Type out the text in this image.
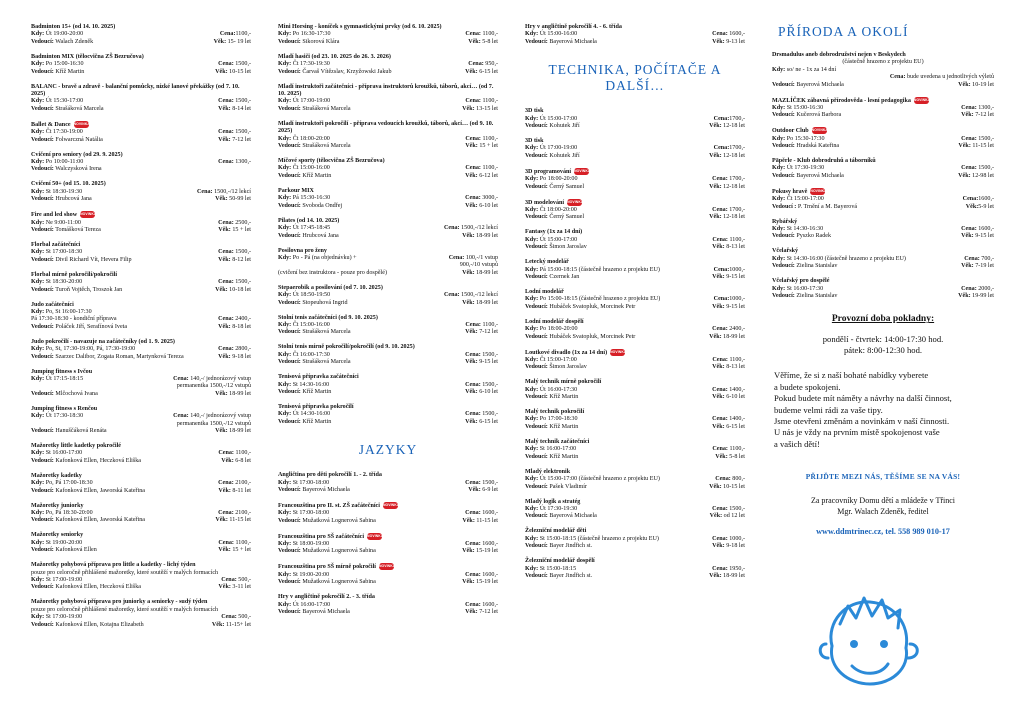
Badminton 15+ (od 14. 10. 2025)
Kdy: Út 19:00-20:00	Cena:1100,-
Vedoucí: Walach Zdeněk	Věk: 15- 19 let
Badminton MIX (tělocvična ZŠ Bezručova)
Kdy: Po 15:00-16:30	Cena: 1500,-
Vedoucí: Kříž Martin	Věk: 10-15 let
BALANC - bravě a zdravě - balanční pomůcky, nízké lanové překážky (od 7. 10. 2025)
Kdy: Út 15:30-17:00	Cena: 1500,-
Vedoucí: Strašáková Marcela	Věk: 8-14 let
Ballet & Dance NOVINKA
Kdy: Čt 17:30-19:00	Cena: 1500,-
Vedoucí: Folwarczná Natália	Věk: 7-12 let
Cvičení pro seniory (od 29. 9. 2025)
Kdy: Po 10:00-11:00	Cena: 1300,-
Vedoucí: Walczysková Irena
Cvičení 50+ (od 15. 10. 2025)
Kdy: St 18:30-19:30	Cena: 1500,-/12 lekcí
Vedoucí: Hrubcová Jana	Věk: 50-99 let
Fire and led show NOVINKA
Kdy: Ne 9:00-11:00	Cena: 2500,-
Vedoucí: Tomášková Tereza	Věk: 15 + let
Florbal začátečníci
Kdy: St 17:00-18:30	Cena: 1500,-
Vedoucí: Divil Richard Vít, Hevera Filip	Věk: 8-12 let
Florbal mírně pokročilí/pokročilí
Kdy: St 18:30-20:00	Cena: 1500,-
Vedoucí: Turoň Vojtěch, Troszok Jan	Věk: 10-18 let
Judo začátečníci
Kdy: Po, St 16:00-17:30
Pá 17:30-18:30 - kondiční příprava	Cena: 2400,-
Vedoucí: Poláček Jiří, Serafínová Iveta	Věk: 8-18 let
Judo pokročilí - navazuje na začátečníky (od 1. 9. 2025)
Kdy: Po, St, 17:30-19:00, Pá, 17:30-19:00	Cena: 2800,-
Vedoucí: Szarzec Dalibor, Zogata Roman, Martynková Tereza	Věk: 9-18 let
Jumping fitness s Ivčou
Kdy: Út 17:15-18:15	Cena: 140,-/ jednorázový vstup
permanentka 1500,-/12 vstupů
Vedoucí: Mlčochová Ivana	Věk: 18-99 let
Jumping fitness s Renčou
Kdy: Út 17:30-18:30	Cena: 140,-/ jednorázový vstup
permanentka 1500,-/12 vstupů
Vedoucí: Hanuščáková Renáta	Věk: 18-99 let
Mažoretky little kadetky pokročilé
Kdy: St 16:00-17:00	Cena: 1100,-
Vedoucí: Kafonková Ellen, Heczková Eliška	Věk: 6-8 let
Mažoretky kadetky
Kdy: Po, Pá 17:00-18:30	Cena: 2100,-
Vedoucí: Kafonková Ellen, Jaworská Kateřina	Věk: 8-11 let
Mažoretky juniorky
Kdy: Po, Pá 18:30-20:00	Cena: 2100,-
Vedoucí: Kafonková Ellen, Jaworská Kateřina	Věk: 11-15 let
Mažoretky seniorky
Kdy: St 19:00-20:00	Cena: 1100,-
Vedoucí: Kafonková Ellen	Věk: 15 + let
Mažoretky pohybová příprava pro little a kadetky - lichý týden
pouze pro celoročně přihlášené mažoretky, které soutěží v malých formacích
Kdy: St 17:00-19:00	Cena: 500,-
Vedoucí: Kafonková Ellen, Heczková Eliška	Věk: 3-11 let
Mažoretky pohybová příprava pro juniorky a seniorky - sudý týden
pouze pro celoročně přihlášené mažoretky, které soutěží v malých formacích
Kdy: St 17:00-19:00	Cena: 500,-
Vedoucí: Kafonková Ellen, Kotajna Elizabeth	Věk: 11-15+ let
Mini Horsing - koníček s gymnastickými prvky (od 6. 10. 2025)
Kdy: Po 16:30-17:30	Cena: 1100,-
Vedoucí: Sikorová Klára	Věk: 5-8 let
Mladí hasiči (od 23. 10. 2025 do 26. 3. 2026)
Kdy: Čt 17:30-19:30	Cena: 950,-
Vedoucí: Čarvaš Vítězslav, Krzyžowski Jakub	Věk: 6-15 let
Mladí instruktoři začátečníci - příprava instruktorů kroužků, táborů, akcí… (od 7. 10. 2025)
Kdy: Út 17:00-19:00	Cena: 1100,-
Vedoucí: Strašáková Marcela	Věk: 13-15 let
Mladí instruktoři pokročilí - příprava vedoucích kroužků, táborů, akcí… (od 9. 10. 2025)
Kdy: Čt 18:00-20:00	Cena: 1100,-
Vedoucí: Strašáková Marcela	Věk: 15 + let
Míčové sporty (tělocvična ZŠ Bezručova)
Kdy: Čt 15:00-16:00	Cena: 1100,-
Vedoucí: Kříž Martin	Věk: 6-12 let
Parkour MIX
Kdy: Pá 15:30-16:30	Cena: 3000,-
Vedoucí: Svoboda Ondřej	Věk: 6-10 let
Pilates (od 14. 10. 2025)
Kdy: Út 17:45-18:45	Cena: 1500,-/12 lekcí
Vedoucí: Hrubcová Jana	Věk: 18-99 let
Posilovna pro ženy
Kdy: Po - Pá (na objednávku) +	Cena: 100,-/1 vstup
900,-/10 vstupů
(cvičení bez instruktora - pouze pro dospělé)	Věk: 18-99 let
Stepaerobik a posilování (od 7. 10. 2025)
Kdy: Út 18:50-19:50	Cena: 1500,-/12 lekcí
Vedoucí: Stopeuhová Ingrid	Věk: 18-99 let
Stolní tenis začátečníci (od 9. 10. 2025)
Kdy: Čt 15:00-16:00	Cena: 1100,-
Vedoucí: Strašáková Marcela	Věk: 7-12 let
Stolní tenis mírně pokročilí/pokročilí (od 9. 10. 2025)
Kdy: Čt 16:00-17:30	Cena: 1500,-
Vedoucí: Strašáková Marcela	Věk: 9-15 let
Tenisová přípravka začátečníci
Kdy: St 14:30-16:00	Cena: 1500,-
Vedoucí: Kříž Martin	Věk: 6-10 let
Tenisová přípravka pokročilí
Kdy: Út 14:30-16:00	Cena: 1500,-
Vedoucí: Kříž Martin	Věk: 6-15 let
JAZYKY
Angličtina pro děti pokročilí 1. - 2. třída
Kdy: St 17:00-18:00	Cena: 1500,-
Vedoucí: Bayerová Michaela	Věk: 6-9 let
Francouzština pro II. st. ZŠ začátečníci NOVINKA
Kdy: St 17:00-18:00	Cena: 1600,-
Vedoucí: Mužatková Lognerová Sabina	Věk: 11-15 let
Francouzština pro SŠ začátečníci NOVINKA
Kdy: St 18:00-19:00	Cena: 1600,-
Vedoucí: Mužatková Lognerová Sabina	Věk: 15-19 let
Francouzština pro SŠ mírně pokročilí NOVINKA
Kdy: St 19:00-20:00	Cena: 1600,-
Vedoucí: Mužatková Lognerová Sabina	Věk: 15-19 let
Hry v angličtině pokročilí 2. - 3. třída
Kdy: Út 16:00-17:00	Cena: 1600,-
Vedoucí: Bayerová Michaela	Věk: 7-12 let
Hry v angličtině pokročilí 4. - 6. třída
Kdy: Út 15:00-16:00	Cena: 1600,-
Vedoucí: Bayerová Michaela	Věk: 9-13 let
TECHNIKA, POČÍTAČE A DALŠÍ…
3D tisk
Kdy: Út 15:00-17:00	Cena:1700,-
Vedoucí: Kohutek Jiří	Věk: 12-18 let
3D tisk
Kdy: Út 17:00-19:00	Cena:1700,-
Vedoucí: Kohutek Jiří	Věk: 12-18 let
3D programování NOVINKA
Kdy: Po 18:00-20:00	Cena: 1700,-
Vedoucí: Černý Samuel	Věk: 12-18 let
3D modelování NOVINKA
Kdy: Čt 18:00-20:00	Cena: 1700,-
Vedoucí: Černý Samuel	Věk: 12-18 let
Fantasy (1x za 14 dní)
Kdy: Út 15:00-17:00	Cena: 1100,-
Vedoucí: Šimon Jaroslav	Věk: 8-13 let
Letecký modelář
Kdy: Pá 15:00-18:15 (částečně hrazeno z projektu EU)	Cena:1000,-
Vedoucí: Czernek Jan	Věk: 9-15 let
Lodní modelář
Kdy: Po 15:00-18:15 (částečně hrazeno z projektu EU)	Cena:1000,-
Vedoucí: Hubáček Svatopluk, Morcinek Petr	Věk: 9-15 let
Lodní modelář dospělí
Kdy: Po 18:00-20:00	Cena: 2400,-
Vedoucí: Hubáček Svatopluk, Morcinek Petr	Věk: 18-99 let
Loutkové divadlo (1x za 14 dní) NOVINKA
Kdy: Čt 15:00-17:00	Cena: 1100,-
Vedoucí: Šimon Jaroslav	Věk: 8-13 let
Malý technik mírně pokročilí
Kdy: Út 16:00-17:30	Cena: 1400,-
Vedoucí: Kříž Martin	Věk: 6-10 let
Malý technik pokročilí
Kdy: Po 17:00-18:30	Cena: 1400,-
Vedoucí: Kříž Martin	Věk: 6-15 let
Malý technik začátečníci
Kdy: St 16:00-17:00	Cena: 1100,-
Vedoucí: Kříž Martin	Věk: 5-8 let
Mladý elektronik
Kdy: Út 15:00-17:00 (částečně hrazeno z projektu EU)	Cena: 800,-
Vedoucí: Pašek Vladimír	Věk: 10-15 let
Mladý logik a stratég
Kdy: Út 17:30-19:30	Cena: 1500,-
Vedoucí: Bayerová Michaela	Věk: od 12 let
Železniční modelář děti
Kdy: St 15:00-18:15 (částečně hrazeno z projektu EU)	Cena: 1000,-
Vedoucí: Bayer Jindřich st.	Věk: 9-18 let
Železniční modelář dospělí
Kdy: St 15:00-18:15	Cena: 1950,-
Vedoucí: Bayer Jindřich st.	Věk: 18-99 let
PŘÍRODA A OKOLÍ
Drsmadulus aneb dobrodružství nejen v Beskydech
(částečně hrazeno z projektu EU)
Kdy: so/ ne - 1x za 14 dní
Cena: bude uvedena u jednotlivých výletů
Vedoucí: Bayerová Michaela	Věk: 10-19 let
MAZLÍČEK zábavná přírodověda - lesní pedagogika NOVINKA
Kdy: St 15:00-16:30	Cena: 1300,-
Vedoucí: Kučerová Barbora	Věk: 7-12 let
Outdoor Club NOVINKA
Kdy: Po 15:30-17:30	Cena: 1500,-
Vedoucí: Hradská Kateřina	Věk: 11-15 let
Pāpěrle - Klub dobrodruhů a táborníků
Kdy: Út 17:30-19:30	Cena: 1500,-
Vedoucí: Bayerová Michaela	Věk: 12-98 let
Pokusy hravě NOVINKA
Kdy: Čt 15:00-17:00	Cena:1600,-
Vedoucí : P. Trnění a M. Bayerová	Věk:5-9 let
Rybářský
Kdy: St 14:30-16:30	Cena: 1600,-
Vedoucí: Pyszko Radek	Věk: 9-15 let
Včelařský
Kdy: St 14:30-16:00 (částečně hrazeno z projektu EU)	Cena: 700,-
Vedoucí: Zielina Stanislav	Věk: 7-19 let
Včelařský pro dospělé
Kdy: St 16:00-17:30	Cena: 2000,-
Vedoucí: Zielina Stanislav	Věk: 19-99 let
Provozní doba pokladny:
pondělí - čtvrtek: 14:00-17:30 hod.
pátek: 8:00-12:30 hod.
Věříme, že si z naší bohaté nabídky vyberete
a budete spokojeni.
Pokud budete mít náměty a návrhy na další činnost,
budeme velmi rádi za vaše tipy.
Jsme otevřeni změnám a novinkám v naší činnosti.
U nás je vždy na prvním místě spokojenost vaše
a vašich dětí!
PŘIJĎTE MEZI NÁS, TĚŠÍME SE NA VÁS!
Za pracovníky Domu dětí a mládeže v Třinci
Mgr. Walach Zdeněk, ředitel
www.ddmtrinec.cz, tel. 558 989 010-17
